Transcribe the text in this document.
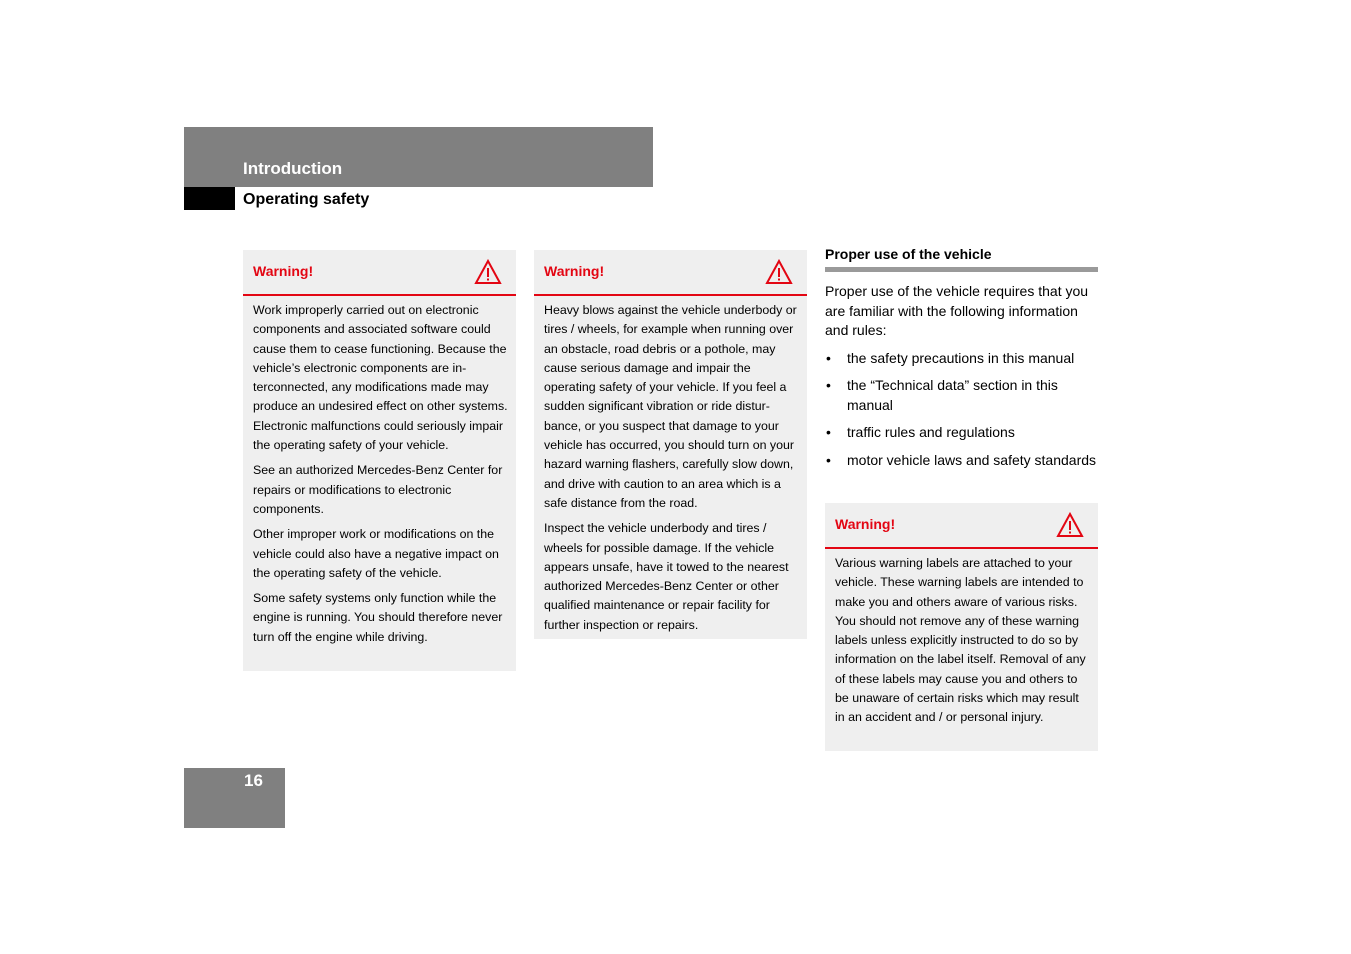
Introduction
Operating safety
Warning!

Work improperly carried out on electronic components and associated software could cause them to cease functioning. Because the vehicle’s electronic components are interconnected, any modifications made may produce an undesired effect on other systems. Electronic malfunctions could seriously impair the operating safety of your vehicle.

See an authorized Mercedes-Benz Center for repairs or modifications to electronic components.

Other improper work or modifications on the vehicle could also have a negative impact on the operating safety of the vehicle.

Some safety systems only function while the engine is running. You should therefore never turn off the engine while driving.

Warning!

Heavy blows against the vehicle underbody or tires / wheels, for example when running over an obstacle, road debris or a pothole, may cause serious damage and impair the operating safety of your vehicle. If you feel a sudden significant vibration or ride disturbance, or you suspect that damage to your vehicle has occurred, you should turn on your hazard warning flashers, carefully slow down, and drive with caution to an area which is a safe distance from the road.

Inspect the vehicle underbody and tires / wheels for possible damage. If the vehicle appears unsafe, have it towed to the nearest authorized Mercedes-Benz Center or other qualified maintenance or repair facility for further inspection or repairs.

Proper use of the vehicle

Proper use of the vehicle requires that you are familiar with the following information and rules:

• the safety precautions in this manual
• the “Technical data” section in this manual
• traffic rules and regulations
• motor vehicle laws and safety standards
Warning!

Various warning labels are attached to your vehicle. These warning labels are intended to make you and others aware of various risks. You should not remove any of these warning labels unless explicitly instructed to do so by information on the label itself. Removal of any of these labels may cause you and others to be unaware of certain risks which may result in an accident and / or personal injury.

16
